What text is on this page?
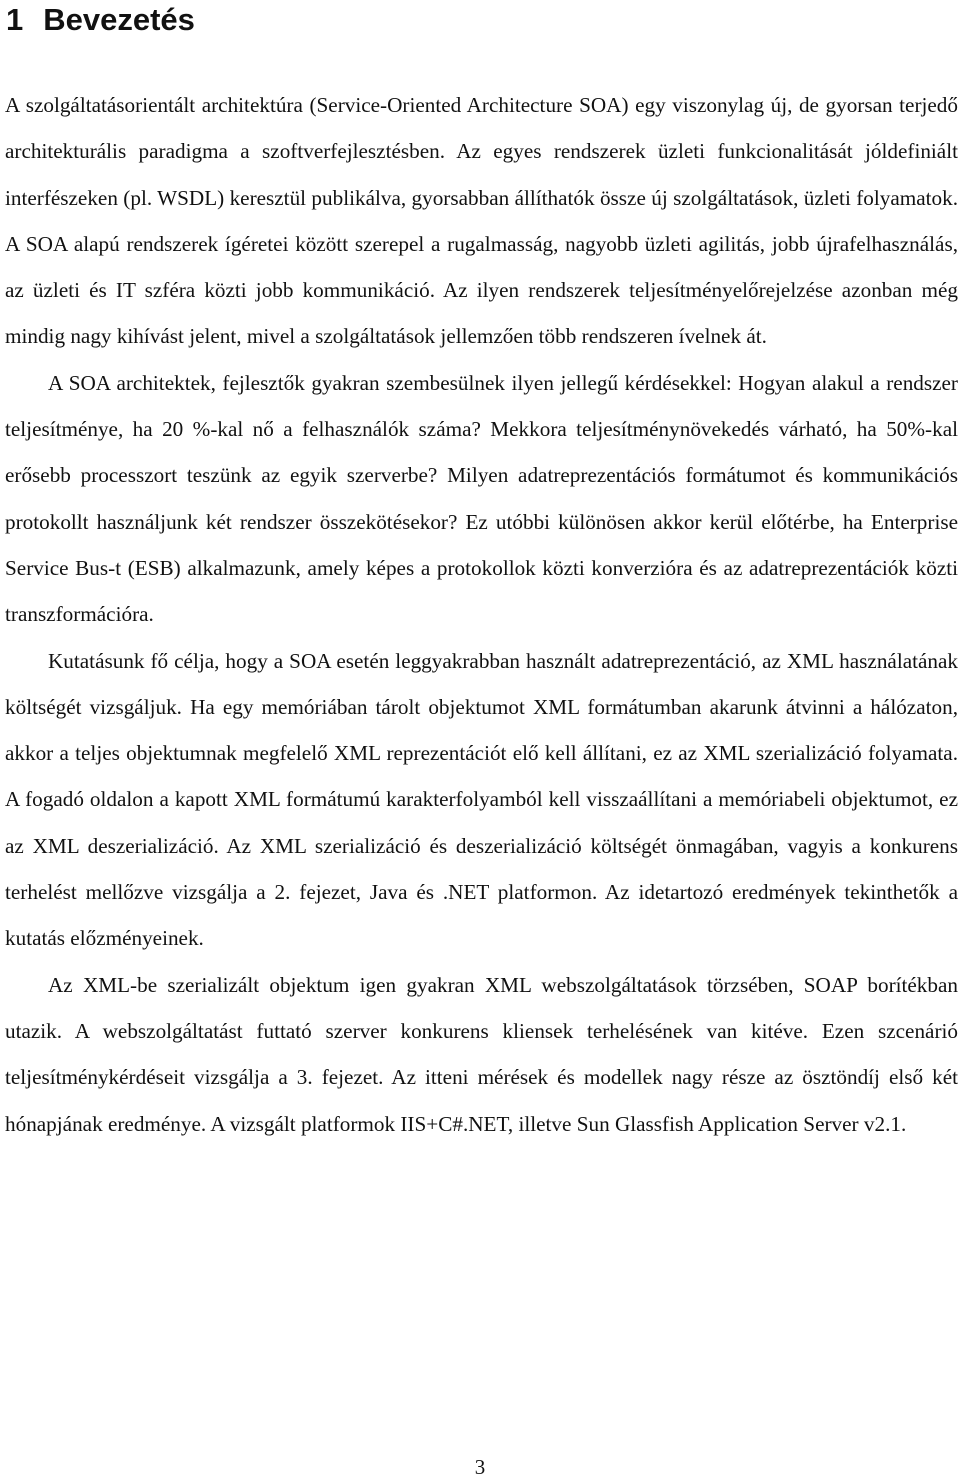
1 Bevezetés

A szolgáltatásorientált architektúra (Service-Oriented Architecture SOA) egy viszonylag új, de gyorsan terjedő architekturális paradigma a szoftverfejlesztésben. Az egyes rendszerek üzleti funkcionalitását jóldefiniált interfészeken (pl. WSDL) keresztül publikálva, gyorsabban állíthatók össze új szolgáltatások, üzleti folyamatok. A SOA alapú rendszerek ígéretei között szerepel a rugalmasság, nagyobb üzleti agilitás, jobb újrafelhasználás, az üzleti és IT szféra közti jobb kommunikáció. Az ilyen rendszerek teljesítményelőrejelzése azonban még mindig nagy kihívást jelent, mivel a szolgáltatások jellemzően több rendszeren ívelnek át.

A SOA architektek, fejlesztők gyakran szembesülnek ilyen jellegű kérdésekkel: Hogyan alakul a rendszer teljesítménye, ha 20 %-kal nő a felhasználók száma? Mekkora teljesítménynövekedés várható, ha 50%-kal erősebb processzort teszünk az egyik szerverbe? Milyen adatreprezentációs formátumot és kommunikációs protokollt használjunk két rendszer összekötésekor? Ez utóbbi különösen akkor kerül előtérbe, ha Enterprise Service Bus-t (ESB) alkalmazunk, amely képes a protokollok közti konverzióra és az adatreprezentációk közti transzformációra.

Kutatásunk fő célja, hogy a SOA esetén leggyakrabban használt adatreprezentáció, az XML használatának költségét vizsgáljuk. Ha egy memóriában tárolt objektumot XML formátumban akarunk átvinni a hálózaton, akkor a teljes objektumnak megfelelő XML reprezentációt elő kell állítani, ez az XML szerializáció folyamata. A fogadó oldalon a kapott XML formátumú karakterfolyamból kell visszaállítani a memóriabeli objektumot, ez az XML deszerializáció. Az XML szerializáció és deszerializáció költségét önmagában, vagyis a konkurens terhelést mellőzve vizsgálja a 2. fejezet, Java és .NET platformon. Az idetartozó eredmények tekinthetők a kutatás előzményeinek.

Az XML-be szerializált objektum igen gyakran XML webszolgáltatások törzsében, SOAP borítékban utazik. A webszolgáltatást futtató szerver konkurens kliensek terhelésének van kitéve. Ezen szcenárió teljesítménykérdéseit vizsgálja a 3. fejezet. Az itteni mérések és modellek nagy része az ösztöndíj első két hónapjának eredménye. A vizsgált platformok IIS+C#.NET, illetve Sun Glassfish Application Server v2.1.

3
